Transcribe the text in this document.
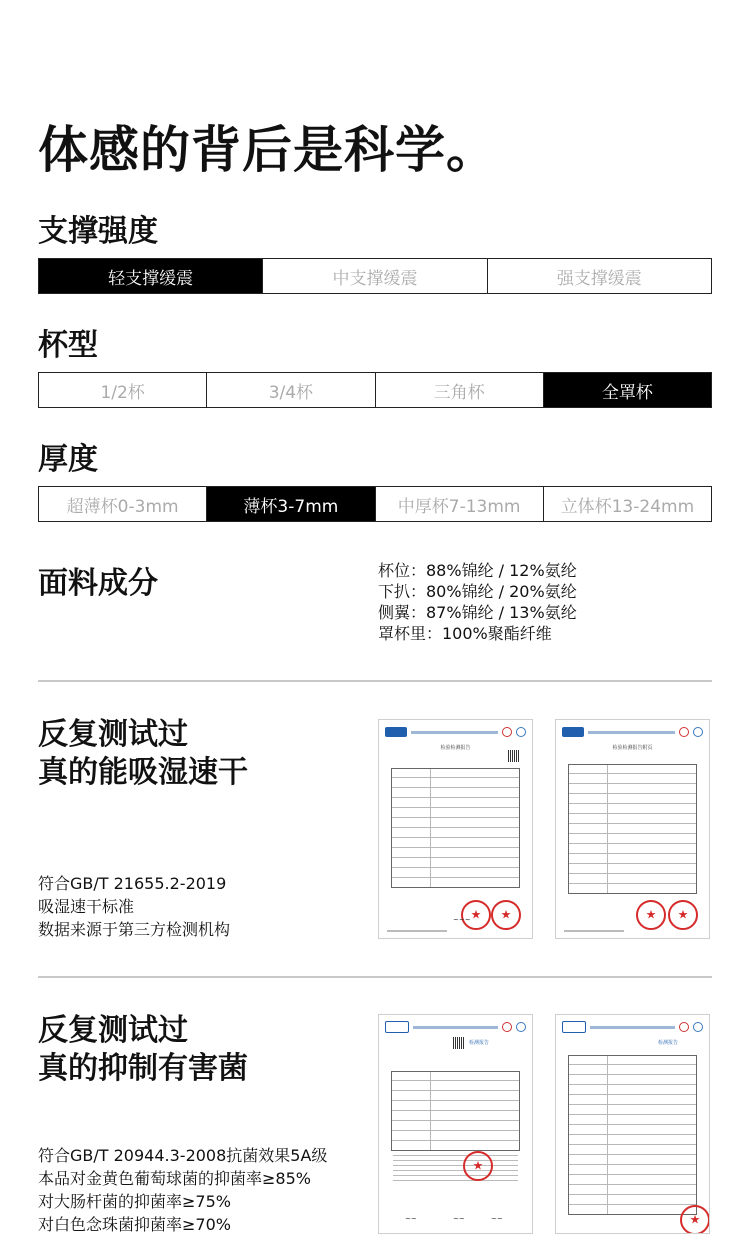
体感的背后是科学。
支撑强度
轻支撑缓震	中支撑缓震	强支撑缓震
杯型
1/2杯	3/4杯	三角杯	全罩杯
厚度
超薄杯0-3mm	薄杯3-7mm	中厚杯7-13mm	立体杯13-24mm
面料成分	杯位：88%锦纶 / 12%氨纶
下扒：80%锦纶 / 20%氨纶
侧翼：87%锦纶 / 13%氨纶
罩杯里：100%聚酯纤维
反复测试过
真的能吸湿速干
符合GB/T 21655.2-2019
吸湿速干标准
数据来源于第三方检测机构
检验检测报告
★
★
~~~
检验检测报告附页
★
★
反复测试过
真的抑制有害菌
符合GB/T 20944.3-2008抗菌效果5A级
本品对金黄色葡萄球菌的抑菌率≥85%
对大肠杆菌的抑菌率≥75%
对白色念珠菌抑菌率≥70%
检测报告
★
~~	~~	~~
检测报告
★
